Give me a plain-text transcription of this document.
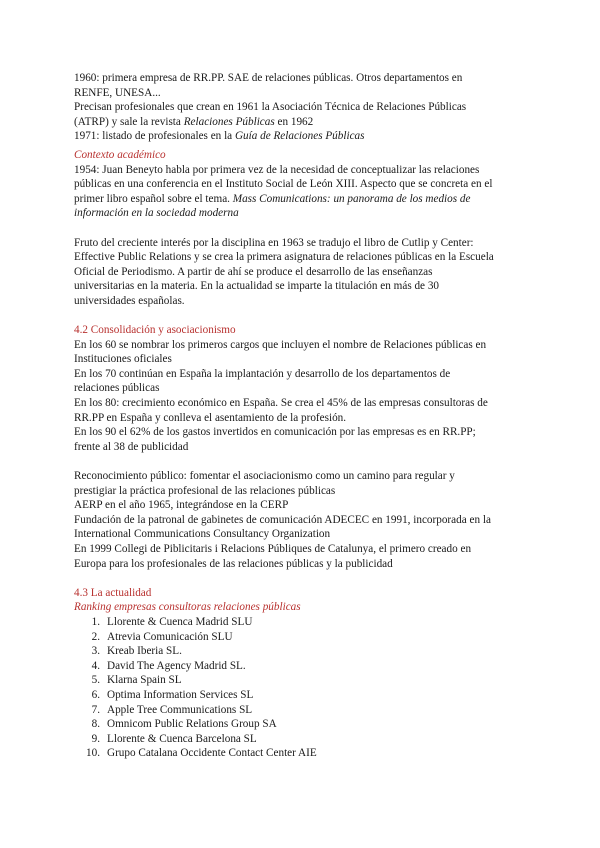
1960: primera empresa de RR.PP. SAE de relaciones públicas. Otros departamentos en
RENFE, UNESA...
Precisan profesionales que crean en 1961 la Asociación Técnica de Relaciones Públicas
(ATRP) y sale la revista Relaciones Públicas en 1962
1971: listado de profesionales en la Guía de Relaciones Públicas
Contexto académico
1954: Juan Beneyto habla por primera vez de la necesidad de conceptualizar las relaciones
públicas en una conferencia en el Instituto Social de León XIII. Aspecto que se concreta en el
primer libro español sobre el tema. Mass Comunications: un panorama de los medios de
información en la sociedad moderna
Fruto del creciente interés por la disciplina en 1963 se tradujo el libro de Cutlip y Center:
Effective Public Relations y se crea la primera asignatura de relaciones públicas en la Escuela
Oficial de Periodismo. A partir de ahí se produce el desarrollo de las enseñanzas
universitarias en la materia. En la actualidad se imparte la titulación en más de 30
universidades españolas.
4.2 Consolidación y asociacionismo
En los 60 se nombrar los primeros cargos que incluyen el nombre de Relaciones públicas en
Instituciones oficiales
En los 70 continúan en España la implantación y desarrollo de los departamentos de
relaciones públicas
En los 80: crecimiento económico en España. Se crea el 45% de las empresas consultoras de
RR.PP en España y conlleva el asentamiento de la profesión.
En los 90 el 62% de los gastos invertidos en comunicación por las empresas es en RR.PP;
frente al 38 de publicidad
Reconocimiento público: fomentar el asociacionismo como un camino para regular y
prestigiar la práctica profesional de las relaciones públicas
AERP en el año 1965, integrándose en la CERP
Fundación de la patronal de gabinetes de comunicación ADECEC en 1991, incorporada en la
International Communications Consultancy Organization
En 1999 Collegi de Piblicitaris i Relacions Públiques de Catalunya, el primero creado en
Europa para los profesionales de las relaciones públicas y la publicidad
4.3 La actualidad
Ranking empresas consultoras relaciones públicas
1. Llorente & Cuenca Madrid SLU
2. Atrevia Comunicación SLU
3. Kreab Iberia SL.
4. David The Agency Madrid SL.
5. Klarna Spain SL
6. Optima Information Services SL
7. Apple Tree Communications SL
8. Omnicom Public Relations Group SA
9. Llorente & Cuenca Barcelona SL
10. Grupo Catalana Occidente Contact Center AIE
